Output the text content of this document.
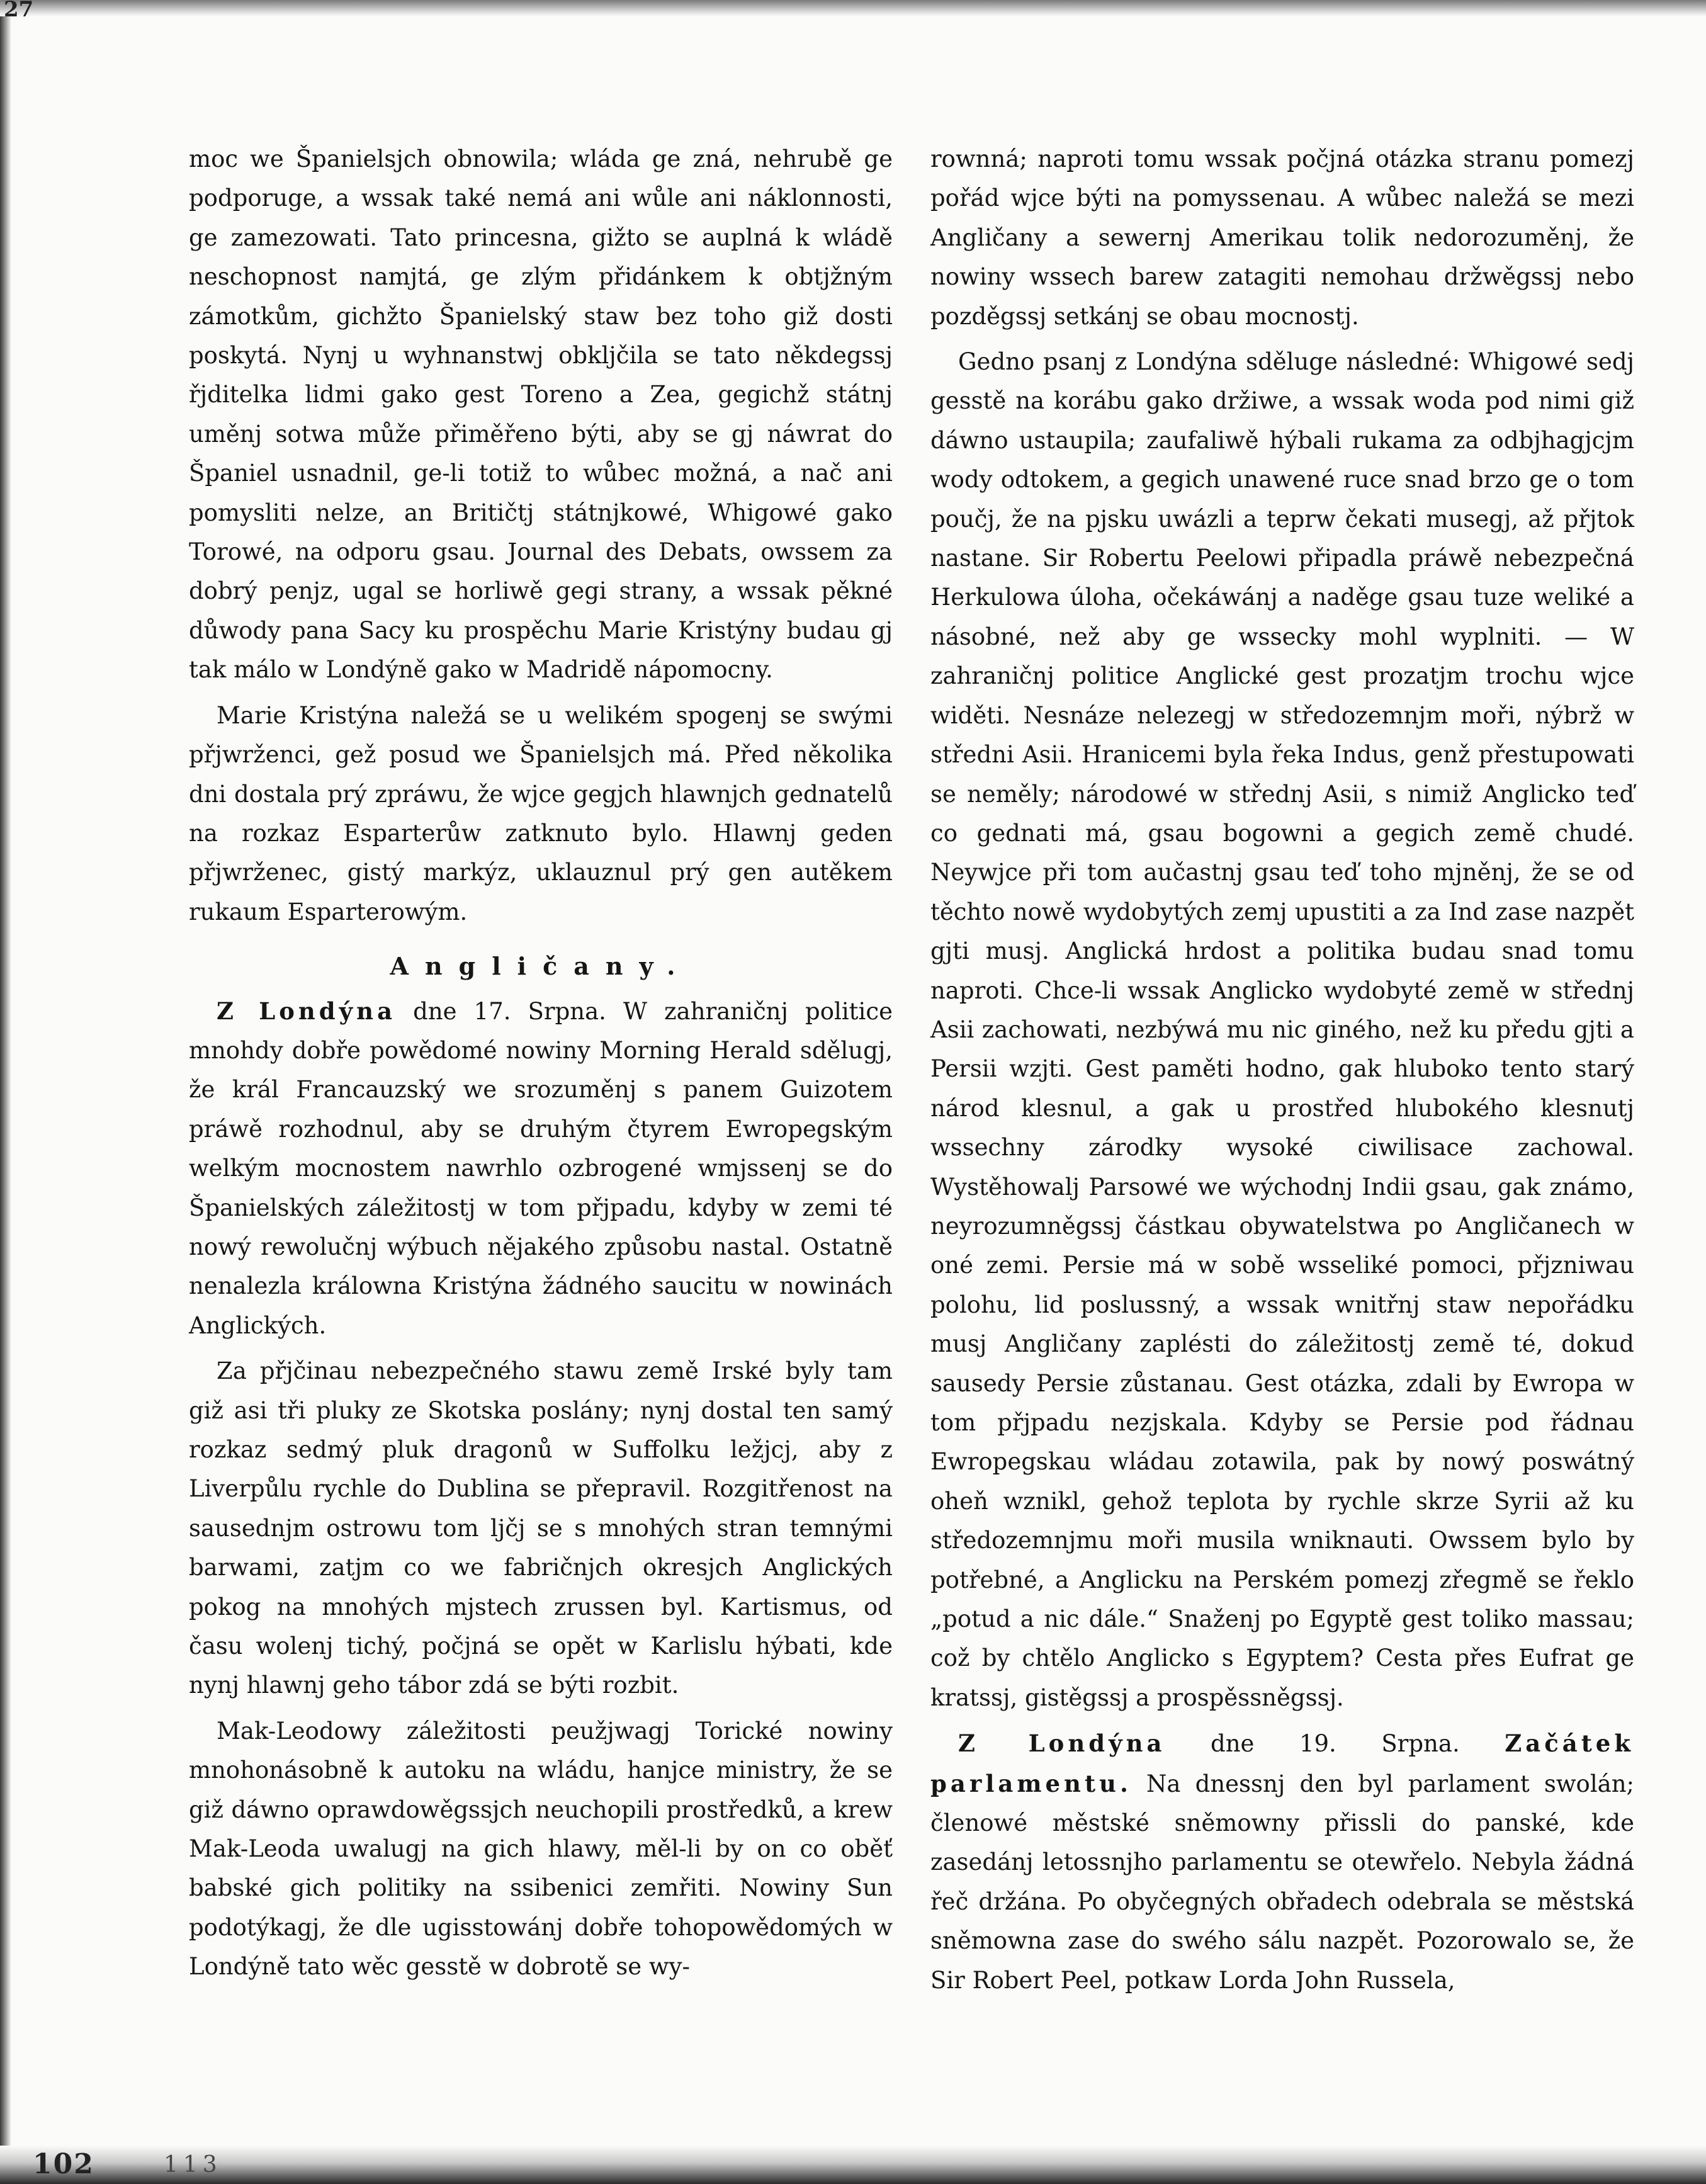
27

moc we Španielsjch obnowila; wláda ge zná, nehrubě ge podporuge, a wssak také nemá ani wůle ani náklonnosti, ge zamezowati. Tato princesna, gižto se auplná k wládě neschopnost namjtá, ge zlým přidánkem k obtjžným zámotkům, gichžto Španielský staw bez toho giž dosti poskytá. Nynj u wyhnanstwj obkljčila se tato někdegssj řjditelka lidmi gako gest Toreno a Zea, gegichž státnj uměnj sotwa může přiměřeno býti, aby se gj náwrat do Španiel usnadnil, ge-li totiž to wůbec možná, a nač ani pomysliti nelze, an Britičtj státnjkowé, Whigowé gako Torowé, na odporu gsau. Journal des Debats, owssem za dobrý penjz, ugal se horliwě gegi strany, a wssak pěkné důwody pana Sacy ku prospěchu Marie Kristýny budau gj tak málo w Londýně gako w Madridě nápomocny.

Marie Kristýna naležá se u welikém spogenj se swými přjwrženci, gež posud we Španielsjch má. Před několika dni dostala prý zpráwu, že wjce gegjch hlawnjch gednatelů na rozkaz Esparterůw zatknuto bylo. Hlawnj geden přjwrženec, gistý markýz, uklauznul prý gen autěkem rukaum Esparterowým.

Angličany.

Z Londýna dne 17. Srpna. W zahraničnj politice mnohdy dobře powědomé nowiny Morning Herald sdělugj, že král Francauzský we srozuměnj s panem Guizotem práwě rozhodnul, aby se druhým čtyrem Ewropegským welkým mocnostem nawrhlo ozbrogené wmjssenj se do Španielských záležitostj w tom přjpadu, kdyby w zemi té nowý rewolučnj wýbuch nějakého způsobu nastal. Ostatně nenalezla králowna Kristýna žádného saucitu w nowinách Anglických.

Za přjčinau nebezpečného stawu země Irské byly tam giž asi tři pluky ze Skotska poslány; nynj dostal ten samý rozkaz sedmý pluk dragonů w Suffolku ležjcj, aby z Liverpůlu rychle do Dublina se přepravil. Rozgitřenost na sausednjm ostrowu tom ljčj se s mnohých stran temnými barwami, zatjm co we fabričnjch okresjch Anglických pokog na mnohých mjstech zrussen byl. Kartismus, od času wolenj tichý, počjná se opět w Karlislu hýbati, kde nynj hlawnj geho tábor zdá se býti rozbit.

Mak-Leodowy záležitosti peužjwagj Torické nowiny mnohonásobně k autoku na wládu, hanjce ministry, že se giž dáwno oprawdowěgssjch neuchopili prostředků, a krew Mak-Leoda uwalugj na gich hlawy, měl-li by on co oběť babské gich politiky na ssibenici zemřiti. Nowiny Sun podotýkagj, že dle ugisstowánj dobře tohopowědomých w Londýně tato wěc gesstě w dobrotě se wy-

rownná; naproti tomu wssak počjná otázka stranu pomezj pořád wjce býti na pomyssenau. A wůbec naležá se mezi Angličany a sewernj Amerikau tolik nedorozuměnj, že nowiny wssech barew zatagiti nemohau držwěgssj nebo pozděgssj setkánj se obau mocnostj.

Gedno psanj z Londýna sděluge následné: Whigowé sedj gesstě na korábu gako držiwe, a wssak woda pod nimi giž dáwno ustaupila; zaufaliwě hýbali rukama za odbjhagjcjm wody odtokem, a gegich unawené ruce snad brzo ge o tom poučj, že na pjsku uwázli a teprw čekati musegj, až přjtok nastane. Sir Robertu Peelowi připadla práwě nebezpečná Herkulowa úloha, očekáwánj a naděge gsau tuze weliké a násobné, než aby ge wssecky mohl wyplniti. — W zahraničnj politice Anglické gest prozatjm trochu wjce widěti. Nesnáze nelezegj w středozemnjm moři, nýbrž w středni Asii. Hranicemi byla řeka Indus, genž přestupowati se neměly; národowé w střednj Asii, s nimiž Anglicko teď co gednati má, gsau bogowni a gegich země chudé. Neywjce při tom aučastnj gsau teď toho mjněnj, že se od těchto nowě wydobytých zemj upustiti a za Ind zase nazpět gjti musj. Anglická hrdost a politika budau snad tomu naproti. Chce-li wssak Anglicko wydobyté země w střednj Asii zachowati, nezbýwá mu nic giného, než ku předu gjti a Persii wzjti. Gest paměti hodno, gak hluboko tento starý národ klesnul, a gak u prostřed hlubokého klesnutj wssechny zárodky wysoké ciwilisace zachowal. Wystěhowalj Parsowé we wýchodnj Indii gsau, gak známo, neyrozumněgssj částkau obywatelstwa po Angličanech w oné zemi. Persie má w sobě wsseliké pomoci, přjzniwau polohu, lid poslussný, a wssak wnitřnj staw nepořádku musj Angličany zaplésti do záležitostj země té, dokud sausedy Persie zůstanau. Gest otázka, zdali by Ewropa w tom přjpadu nezjskala. Kdyby se Persie pod řádnau Ewropegskau wládau zotawila, pak by nowý poswátný oheň wznikl, gehož teplota by rychle skrze Syrii až ku středozemnjmu moři musila wniknauti. Owssem bylo by potřebné, a Anglicku na Perském pomezj zřegmě se řeklo „potud a nic dále.“ Snaženj po Egyptě gest toliko massau; což by chtělo Anglicko s Egyptem? Cesta přes Eufrat ge kratssj, gistěgssj a prospěssněgssj.

Z Londýna dne 19. Srpna. Začátek parlamentu. Na dnessnj den byl parlament swolán; členowé městské sněmowny přissli do panské, kde zasedánj letossnjho parlamentu se otewřelo. Nebyla žádná řeč držána. Po obyčegných obřadech odebrala se městská sněmowna zase do swého sálu nazpět. Pozorowalo se, že Sir Robert Peel, potkaw Lorda John Russela,

102	113
